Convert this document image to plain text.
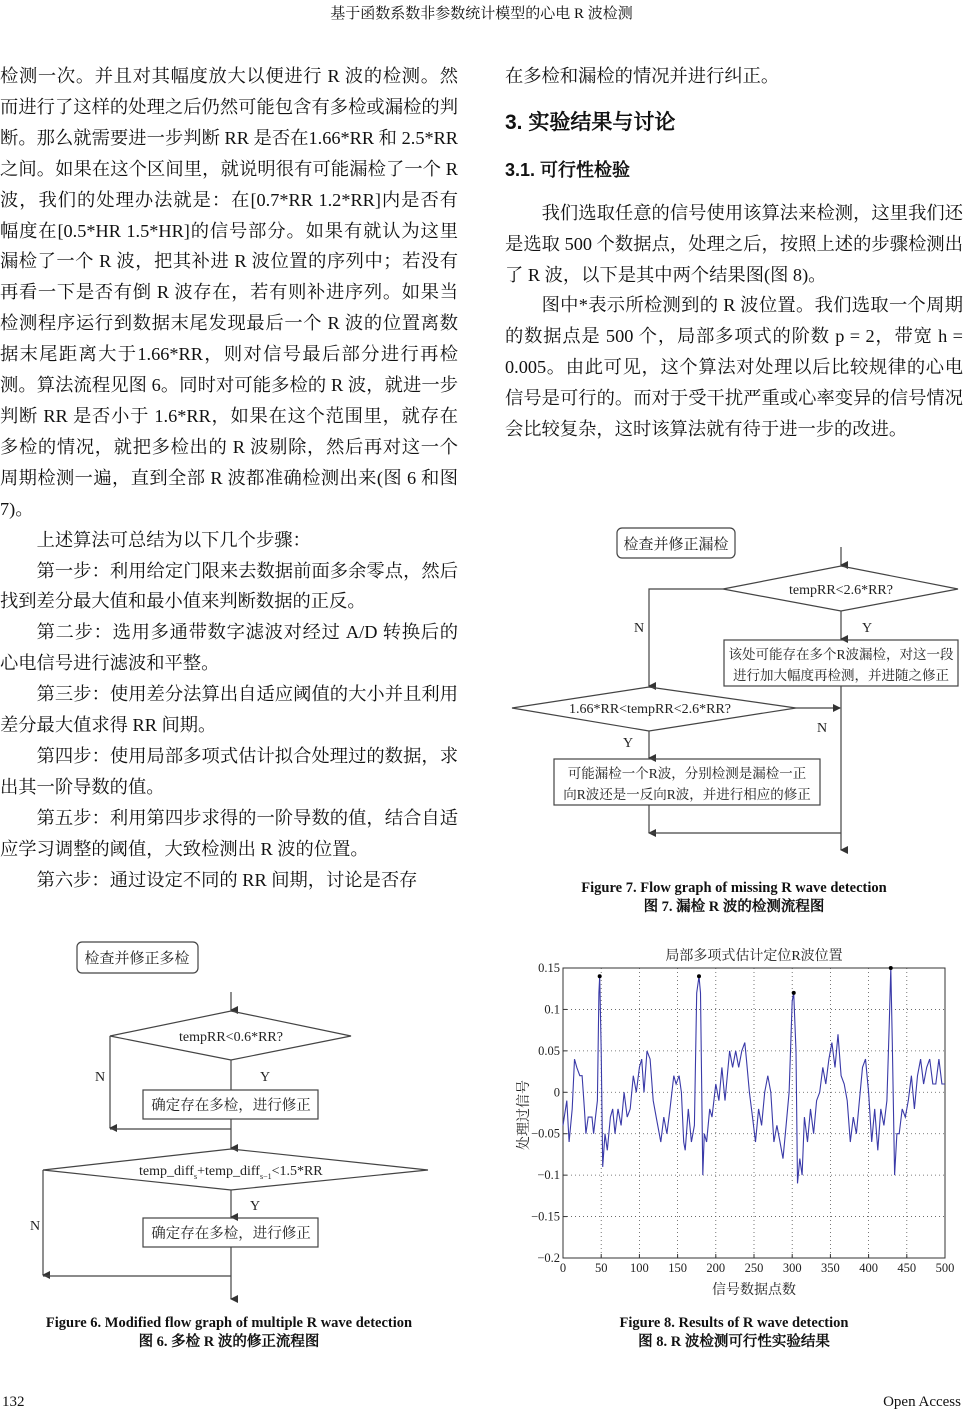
基于函数系数非参数统计模型的心电 R 波检测

检测一次。并且对其幅度放大以便进行 R 波的检测。然而进行了这样的处理之后仍然可能包含有多检或漏检的判断。那么就需要进一步判断 RR 是否在1.66*RR 和 2.5*RR 之间。如果在这个区间里，就说明很有可能漏检了一个 R 波，我们的处理办法就是：在[0.7*RR 1.2*RR]内是否有幅度在[0.5*HR 1.5*HR]的信号部分。如果有就认为这里漏检了一个 R 波，把其补进 R 波位置的序列中；若没有再看一下是否有倒 R 波存在，若有则补进序列。如果当检测程序运行到数据末尾发现最后一个 R 波的位置离数据末尾距离大于1.66*RR，则对信号最后部分进行再检测。算法流程见图 6。同时对可能多检的 R 波，就进一步判断 RR 是否小于 1.6*RR，如果在这个范围里，就存在多检的情况，就把多检出的 R 波剔除，然后再对这一个周期检测一遍，直到全部 R 波都准确检测出来(图 6 和图 7)。

上述算法可总结为以下几个步骤：

第一步：利用给定门限来去数据前面多余零点，然后找到差分最大值和最小值来判断数据的正反。

第二步：选用多通带数字滤波对经过 A/D 转换后的心电信号进行滤波和平整。

第三步：使用差分法算出自适应阈值的大小并且利用差分最大值求得 RR 间期。

第四步：使用局部多项式估计拟合处理过的数据，求出其一阶导数的值。

第五步：利用第四步求得的一阶导数的值，结合自适应学习调整的阈值，大致检测出 R 波的位置。

第六步：通过设定不同的 RR 间期，讨论是否存

在多检和漏检的情况并进行纠正。

3. 实验结果与讨论

3.1. 可行性检验

我们选取任意的信号使用该算法来检测，这里我们还是选取 500 个数据点，处理之后，按照上述的步骤检测出了 R 波，以下是其中两个结果图(图 8)。

图中*表示所检测到的 R 波位置。我们选取一个周期的数据点是 500 个，局部多项式的阶数 p = 2，带宽 h = 0.005。由此可见，这个算法对处理以后比较规律的心电信号是可行的。而对于受干扰严重或心率变异的信号情况会比较复杂，这时该算法就有待于进一步的改进。

检查并修正漏检
tempRR<2.6*RR?
N	Y
该处可能存在多个R波漏检，对这一段
进行加大幅度再检测，并进随之修正
1.66*RR<tempRR<2.6*RR?
N
Y
可能漏检一个R波，分别检测是漏检一正
向R波还是一反向R波，并进行相应的修正
Figure 7. Flow graph of missing R wave detection
图 7. 漏检 R 波的检测流程图
检查并修正多检
tempRR<0.6*RR?
N	Y
确定存在多检，进行修正
temp_diff$_s$+temp_diff$_{s-1}$<1.5*RR
Y
N	确定存在多检，进行修正
Figure 6. Modified flow graph of multiple R wave detection
图 6. 多检 R 波的修正流程图
局部多项式估计定位R波位置
信号数据点数
处理过信号
0 50 100 150 200 250 300 350 400 450 500
0.15
0.1
0.05
0
−0.05
−0.1
−0.15
−0.2
Figure 8. Results of R wave detection
图 8. R 波检测可行性实验结果
132	Open Access
